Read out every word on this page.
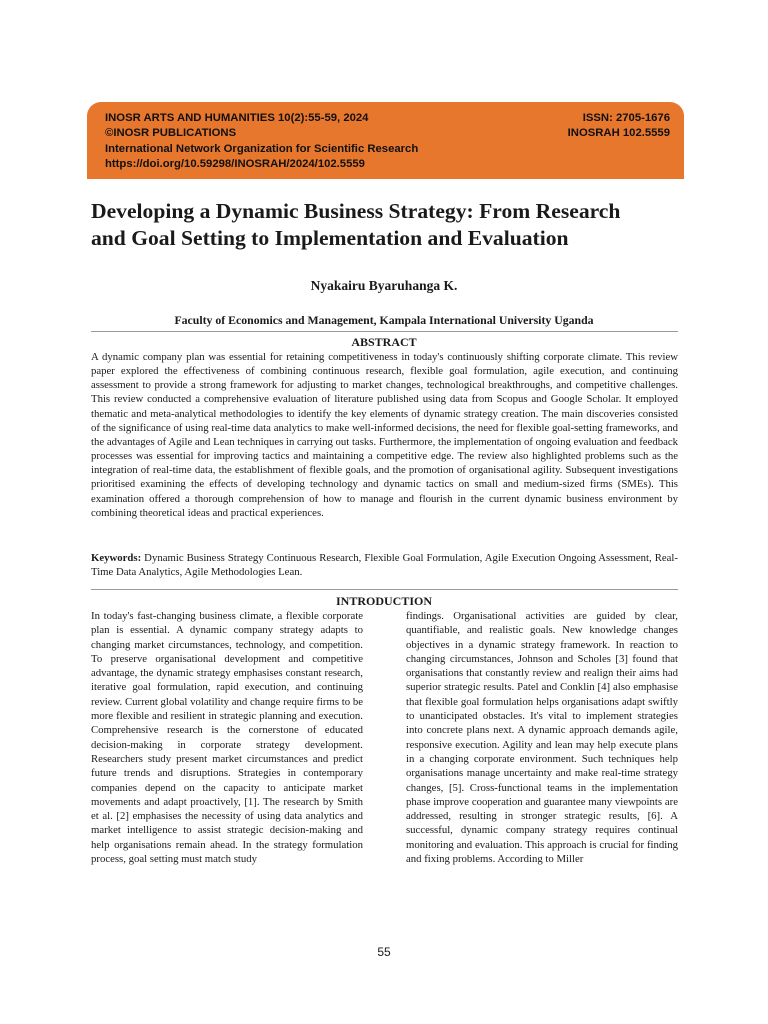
INOSR ARTS AND HUMANITIES 10(2):55-59, 2024
©INOSR PUBLICATIONS
International Network Organization for Scientific Research
https://doi.org/10.59298/INOSRAH/2024/102.5559
ISSN: 2705-1676
INOSRAH 102.5559
Developing a Dynamic Business Strategy: From Research
and Goal Setting to Implementation and Evaluation
Nyakairu Byaruhanga K.
Faculty of Economics and Management, Kampala International University Uganda
ABSTRACT

A dynamic company plan was essential for retaining competitiveness in today's continuously shifting corporate climate. This review paper explored the effectiveness of combining continuous research, flexible goal formulation, agile execution, and continuing assessment to provide a strong framework for adjusting to market changes, technological breakthroughs, and competitive challenges. This review conducted a comprehensive evaluation of literature published using data from Scopus and Google Scholar. It employed thematic and meta-analytical methodologies to identify the key elements of dynamic strategy creation. The main discoveries consisted of the significance of using real-time data analytics to make well-informed decisions, the need for flexible goal-setting frameworks, and the advantages of Agile and Lean techniques in carrying out tasks. Furthermore, the implementation of ongoing evaluation and feedback processes was essential for improving tactics and maintaining a competitive edge. The review also highlighted problems such as the integration of real-time data, the establishment of flexible goals, and the promotion of organisational agility. Subsequent investigations prioritised examining the effects of developing technology and dynamic tactics on small and medium-sized firms (SMEs). This examination offered a thorough comprehension of how to manage and flourish in the current dynamic business environment by combining theoretical ideas and practical experiences.

Keywords: Dynamic Business Strategy Continuous Research, Flexible Goal Formulation, Agile Execution Ongoing Assessment, Real-Time Data Analytics, Agile Methodologies Lean.

INTRODUCTION

In today's fast-changing business climate, a flexible corporate plan is essential. A dynamic company strategy adapts to changing market circumstances, technology, and competition. To preserve organisational development and competitive advantage, the dynamic strategy emphasises constant research, iterative goal formulation, rapid execution, and continuing review. Current global volatility and change require firms to be more flexible and resilient in strategic planning and execution. Comprehensive research is the cornerstone of educated decision-making in corporate strategy development. Researchers study present market circumstances and predict future trends and disruptions. Strategies in contemporary companies depend on the capacity to anticipate market movements and adapt proactively, [1]. The research by Smith et al. [2] emphasises the necessity of using data analytics and market intelligence to assist strategic decision-making and help organisations remain ahead. In the strategy formulation process, goal setting must match study

findings. Organisational activities are guided by clear, quantifiable, and realistic goals. New knowledge changes objectives in a dynamic strategy framework. In reaction to changing circumstances, Johnson and Scholes [3] found that organisations that constantly review and realign their aims had superior strategic results. Patel and Conklin [4] also emphasise that flexible goal formulation helps organisations adapt swiftly to unanticipated obstacles. It's vital to implement strategies into concrete plans next. A dynamic approach demands agile, responsive execution. Agility and lean may help execute plans in a changing corporate environment. Such techniques help organisations manage uncertainty and make real-time strategy changes, [5]. Cross-functional teams in the implementation phase improve cooperation and guarantee many viewpoints are addressed, resulting in stronger strategic results, [6]. A successful, dynamic company strategy requires continual monitoring and evaluation. This approach is crucial for finding and fixing problems. According to Miller

55
